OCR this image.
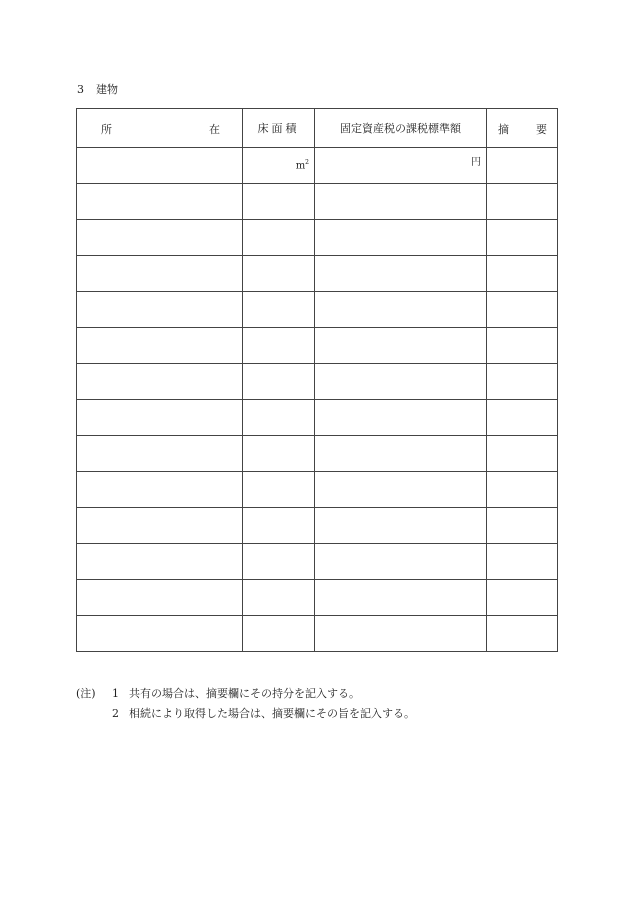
3 建物
所 在	床面積	固定資産税の課税標準額	摘 要

	$m^2$	円	

(注) 1 共有の場合は、摘要欄にその持分を記入する。
2 相続により取得した場合は、摘要欄にその旨を記入する。
